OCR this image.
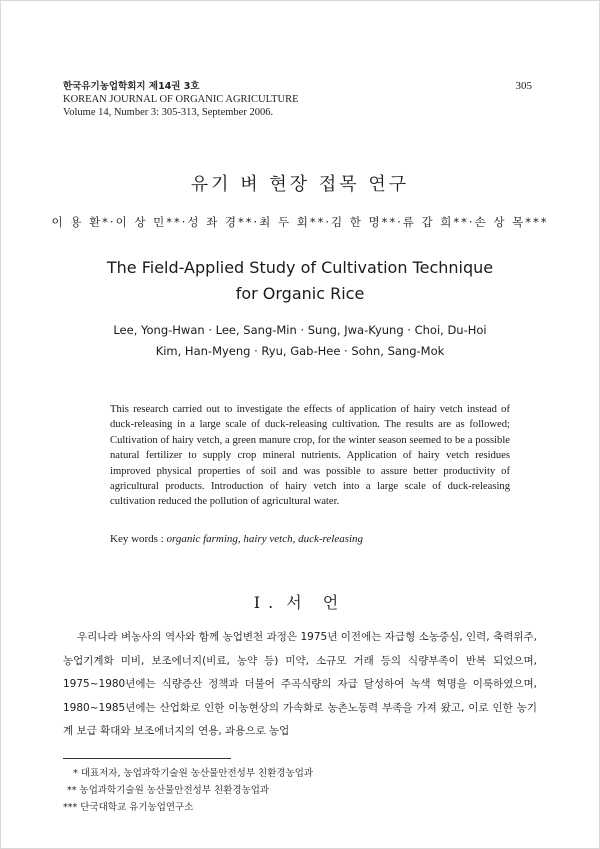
한국유기농업학회지 제14권 3호
KOREAN JOURNAL OF ORGANIC AGRICULTURE
Volume 14, Number 3: 305-313, September 2006.
305
유기 벼 현장 접목 연구
이 용 환*·이 상 민**·성 좌 경**·최 두 회**·김 한 명**·류 갑 희**·손 상 목***
The Field-Applied Study of Cultivation Technique
for Organic Rice
Lee, Yong-Hwan · Lee, Sang-Min · Sung, Jwa-Kyung · Choi, Du-Hoi
Kim, Han-Myeng · Ryu, Gab-Hee · Sohn, Sang-Mok
This research carried out to investigate the effects of application of hairy vetch instead of duck-releasing in a large scale of duck-releasing cultivation. The results are as followed; Cultivation of hairy vetch, a green manure crop, for the winter season seemed to be a possible natural fertilizer to supply crop mineral nutrients. Application of hairy vetch residues improved physical properties of soil and was possible to assure better productivity of agricultural products. Introduction of hairy vetch into a large scale of duck-releasing cultivation reduced the pollution of agricultural water.
Key words : organic farming, hairy vetch, duck-releasing
I. 서 언

우리나라 벼농사의 역사와 함께 농업변천 과정은 1975년 이전에는 자급형 소농중심, 인력, 축력위주, 농업기계화 미비, 보조에너지(비료, 농약 등) 미약, 소규모 거래 등의 식량부족이 반복 되었으며, 1975~1980년에는 식량증산 정책과 더불어 주곡식량의 자급 달성하여 녹색 혁명을 이룩하였으며, 1980~1985년에는 산업화로 인한 이농현상의 가속화로 농촌노동력 부족을 가져 왔고, 이로 인한 농기계 보급 확대와 보조에너지의 연용, 과용으로 농업

* 대표저자, 농업과학기술원 농산물안전성부 친환경농업과
** 농업과학기술원 농산물안전성부 친환경농업과
*** 단국대학교 유기농업연구소
